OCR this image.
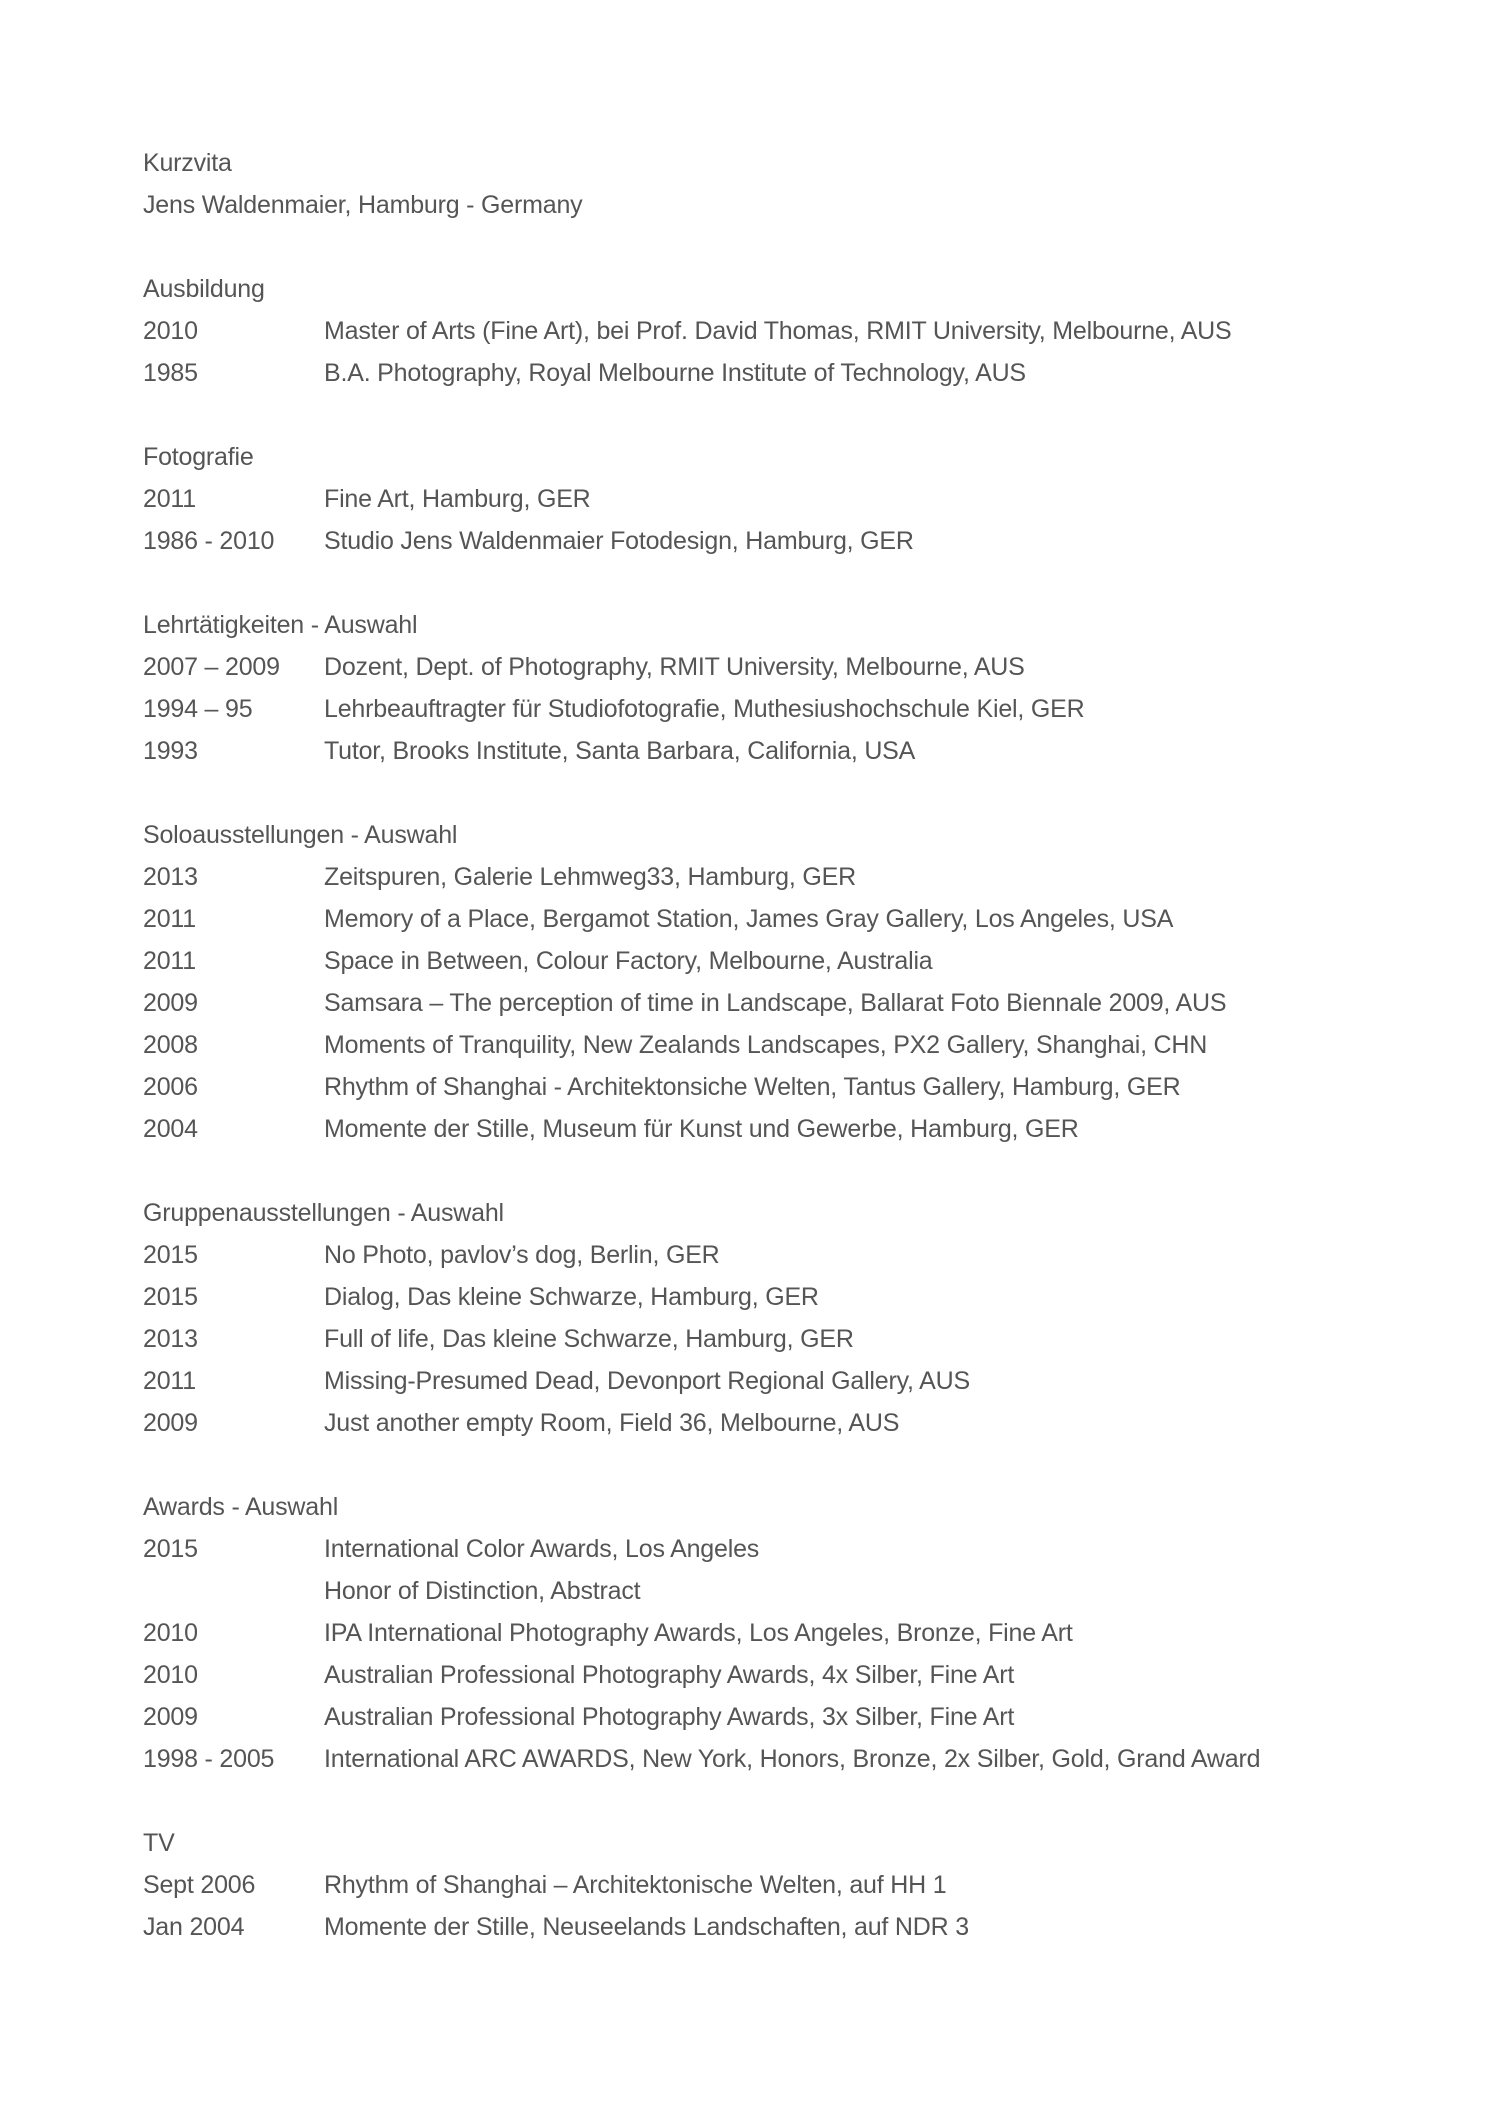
Kurzvita
Jens Waldenmaier, Hamburg - Germany
Ausbildung
2010	Master of Arts (Fine Art), bei Prof. David Thomas, RMIT University, Melbourne, AUS
1985	B.A. Photography, Royal Melbourne Institute of Technology, AUS
Fotografie
2011	Fine Art, Hamburg, GER
1986 - 2010	Studio Jens Waldenmaier Fotodesign, Hamburg, GER
Lehrtätigkeiten - Auswahl
2007 – 2009	Dozent, Dept. of Photography, RMIT University, Melbourne, AUS
1994 – 95	Lehrbeauftragter für Studiofotografie, Muthesiushochschule Kiel, GER
1993	Tutor, Brooks Institute, Santa Barbara, California, USA
Soloausstellungen - Auswahl
2013	Zeitspuren, Galerie Lehmweg33, Hamburg, GER
2011	Memory of a Place, Bergamot Station, James Gray Gallery, Los Angeles, USA
2011	Space in Between, Colour Factory, Melbourne, Australia
2009	Samsara – The perception of time in Landscape, Ballarat Foto Biennale 2009, AUS
2008	Moments of Tranquility, New Zealands Landscapes, PX2 Gallery, Shanghai, CHN
2006	Rhythm of Shanghai - Architektonsiche Welten, Tantus Gallery, Hamburg, GER
2004	Momente der Stille, Museum für Kunst und Gewerbe, Hamburg, GER
Gruppenausstellungen - Auswahl
2015	No Photo, pavlov’s dog, Berlin, GER
2015	Dialog, Das kleine Schwarze, Hamburg, GER
2013	Full of life, Das kleine Schwarze, Hamburg, GER
2011	Missing-Presumed Dead, Devonport Regional Gallery, AUS
2009	Just another empty Room, Field 36, Melbourne, AUS
Awards - Auswahl
2015	International Color Awards, Los Angeles
Honor of Distinction, Abstract
2010	IPA International Photography Awards, Los Angeles, Bronze, Fine Art
2010	Australian Professional Photography Awards, 4x Silber, Fine Art
2009	Australian Professional Photography Awards, 3x Silber, Fine Art
1998 - 2005	International ARC AWARDS, New York, Honors, Bronze, 2x Silber, Gold, Grand Award
TV
Sept 2006	Rhythm of Shanghai – Architektonische Welten, auf HH 1
Jan 2004	Momente der Stille, Neuseelands Landschaften, auf NDR 3
